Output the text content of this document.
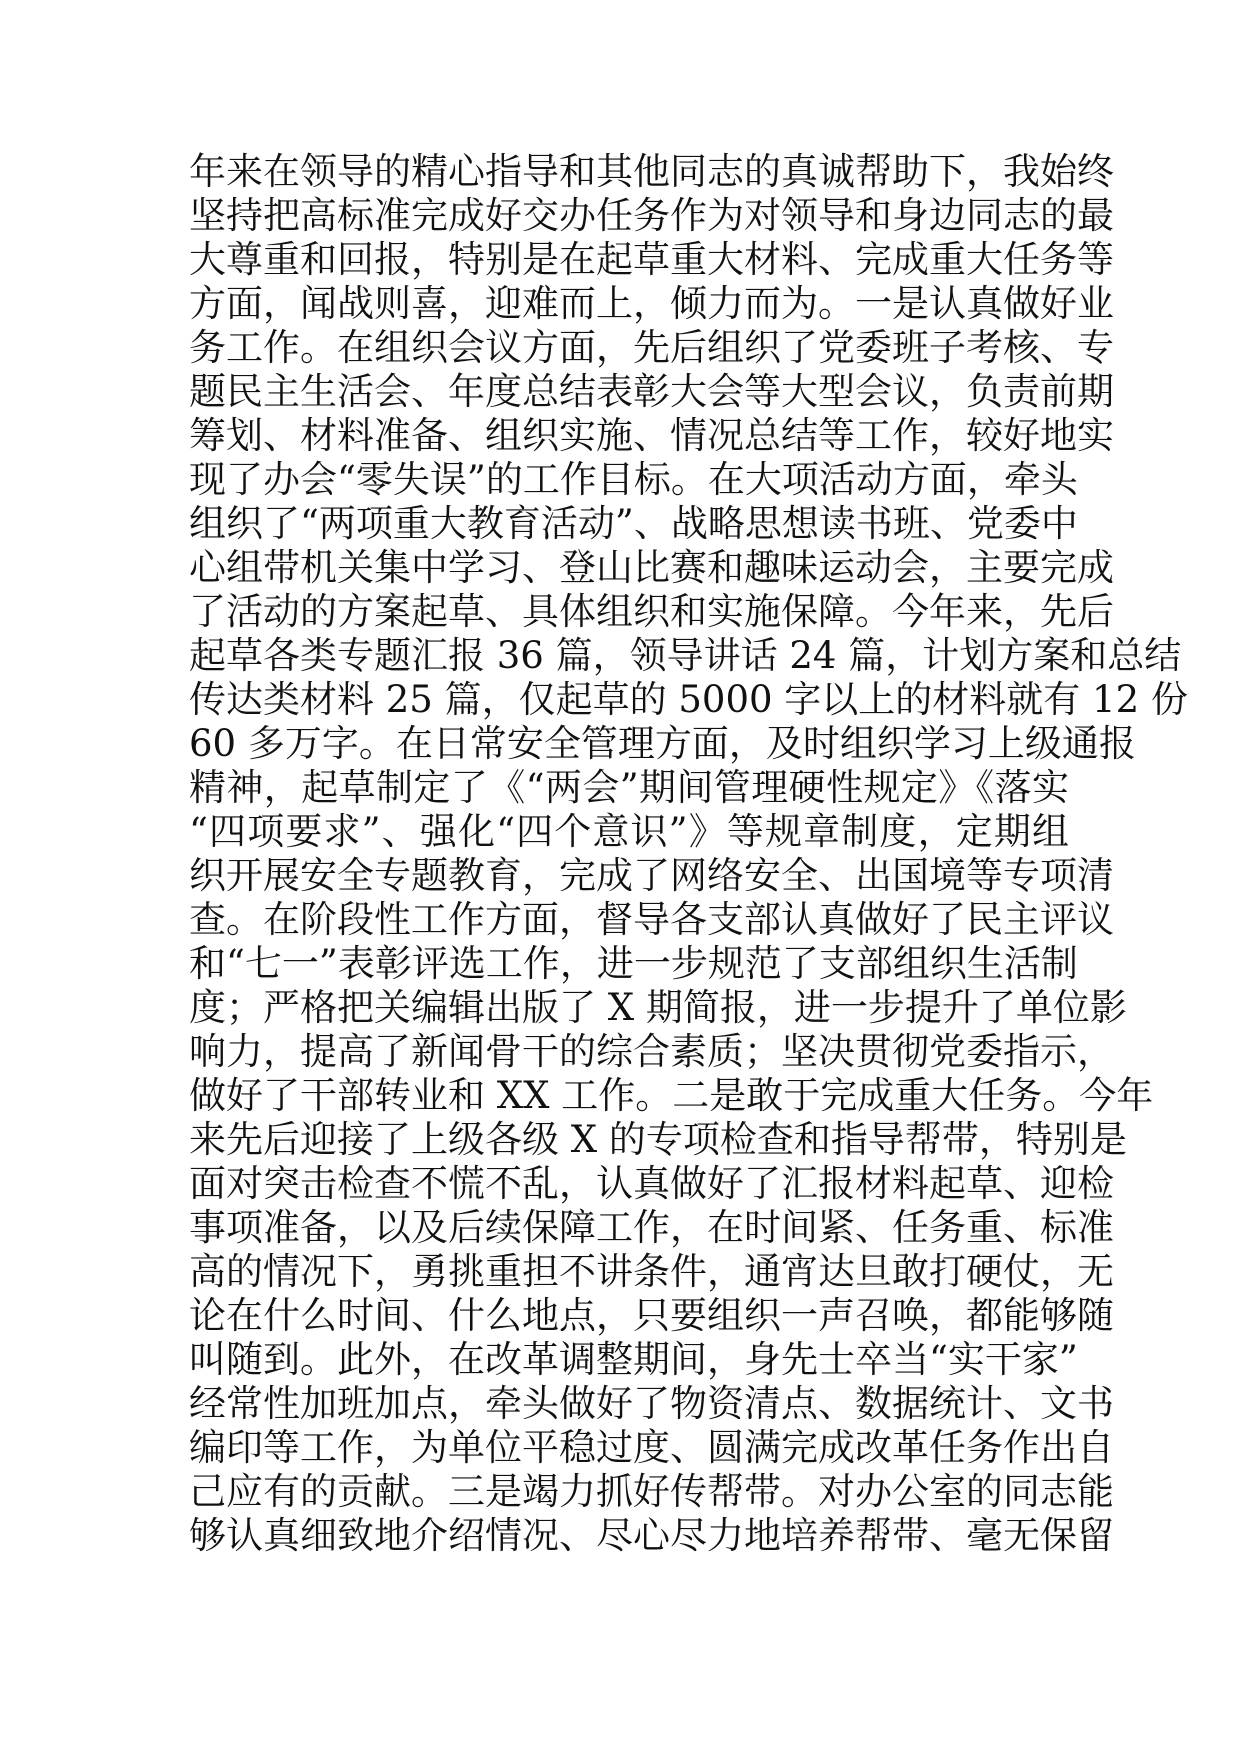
年来在领导的精心指导和其他同志的真诚帮助下，我始终
坚持把高标准完成好交办任务作为对领导和身边同志的最
大尊重和回报，特别是在起草重大材料、完成重大任务等
方面，闻战则喜，迎难而上，倾力而为。一是认真做好业
务工作。在组织会议方面，先后组织了党委班子考核、专
题民主生活会、年度总结表彰大会等大型会议，负责前期
筹划、材料准备、组织实施、情况总结等工作，较好地实
现了办会“零失误”的工作目标。在大项活动方面，牵头
组织了“两项重大教育活动”、战略思想读书班、党委中
心组带机关集中学习、登山比赛和趣味运动会，主要完成
了活动的方案起草、具体组织和实施保障。今年来，先后
起草各类专题汇报 36 篇，领导讲话 24 篇，计划方案和总结
传达类材料 25 篇，仅起草的 5000 字以上的材料就有 12 份
60 多万字。在日常安全管理方面，及时组织学习上级通报
精神，起草制定了《“两会”期间管理硬性规定》《落实
“四项要求”、强化“四个意识”》等规章制度，定期组
织开展安全专题教育，完成了网络安全、出国境等专项清
查。在阶段性工作方面，督导各支部认真做好了民主评议
和“七一”表彰评选工作，进一步规范了支部组织生活制
度；严格把关编辑出版了 X 期简报，进一步提升了单位影
响力，提高了新闻骨干的综合素质；坚决贯彻党委指示，
做好了干部转业和 XX 工作。二是敢于完成重大任务。今年
来先后迎接了上级各级 X 的专项检查和指导帮带，特别是
面对突击检查不慌不乱，认真做好了汇报材料起草、迎检
事项准备，以及后续保障工作，在时间紧、任务重、标准
高的情况下，勇挑重担不讲条件，通宵达旦敢打硬仗，无
论在什么时间、什么地点，只要组织一声召唤，都能够随
叫随到。此外，在改革调整期间，身先士卒当“实干家”
经常性加班加点，牵头做好了物资清点、数据统计、文书
编印等工作，为单位平稳过度、圆满完成改革任务作出自
己应有的贡献。三是竭力抓好传帮带。对办公室的同志能
够认真细致地介绍情况、尽心尽力地培养帮带、毫无保留
